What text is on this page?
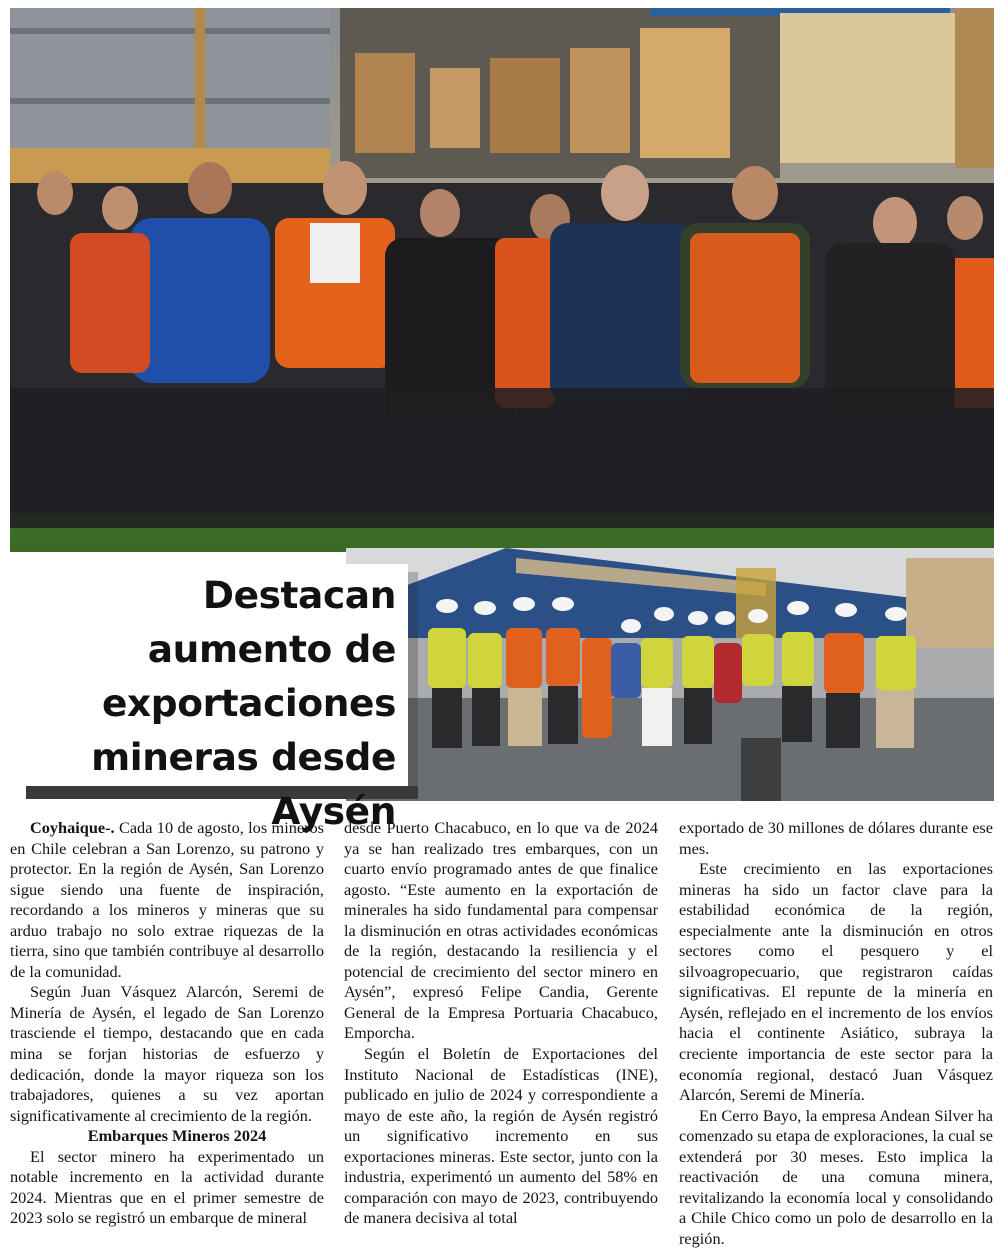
Destacan aumento de exportaciones mineras desde Aysén

Coyhaique-. Cada 10 de agosto, los mineros en Chile celebran a San Lorenzo, su patrono y protector. En la región de Aysén, San Lorenzo sigue siendo una fuente de inspiración, recordando a los mineros y mineras que su arduo trabajo no solo extrae riquezas de la tierra, sino que también contribuye al desarrollo de la comunidad.

Según Juan Vásquez Alarcón, Seremi de Minería de Aysén, el legado de San Lorenzo trasciende el tiempo, destacando que en cada mina se forjan historias de esfuerzo y dedicación, donde la mayor riqueza son los trabajadores, quienes a su vez aportan significativamente al crecimiento de la región.

Embarques Mineros 2024

El sector minero ha experimentado un notable incremento en la actividad durante 2024. Mientras que en el primer semestre de 2023 solo se registró un embarque de mineral

desde Puerto Chacabuco, en lo que va de 2024 ya se han realizado tres embarques, con un cuarto envío programado antes de que finalice agosto. “Este aumento en la exportación de minerales ha sido fundamental para compensar la disminución en otras actividades económicas de la región, destacando la resiliencia y el potencial de crecimiento del sector minero en Aysén”, expresó Felipe Candia, Gerente General de la Empresa Portuaria Chacabuco, Emporcha.

Según el Boletín de Exportaciones del Instituto Nacional de Estadísticas (INE), publicado en julio de 2024 y correspondiente a mayo de este año, la región de Aysén registró un significativo incremento en sus exportaciones mineras. Este sector, junto con la industria, experimentó un aumento del 58% en comparación con mayo de 2023, contribuyendo de manera decisiva al total

exportado de 30 millones de dólares durante ese mes.

Este crecimiento en las exportaciones mineras ha sido un factor clave para la estabilidad económica de la región, especialmente ante la disminución en otros sectores como el pesquero y el silvoagropecuario, que registraron caídas significativas. El repunte de la minería en Aysén, reflejado en el incremento de los envíos hacia el continente Asiático, subraya la creciente importancia de este sector para la economía regional, destacó Juan Vásquez Alarcón, Seremi de Minería.

En Cerro Bayo, la empresa Andean Silver ha comenzado su etapa de exploraciones, la cual se extenderá por 30 meses. Esto implica la reactivación de una comuna minera, revitalizando la economía local y consolidando a Chile Chico como un polo de desarrollo en la región.
